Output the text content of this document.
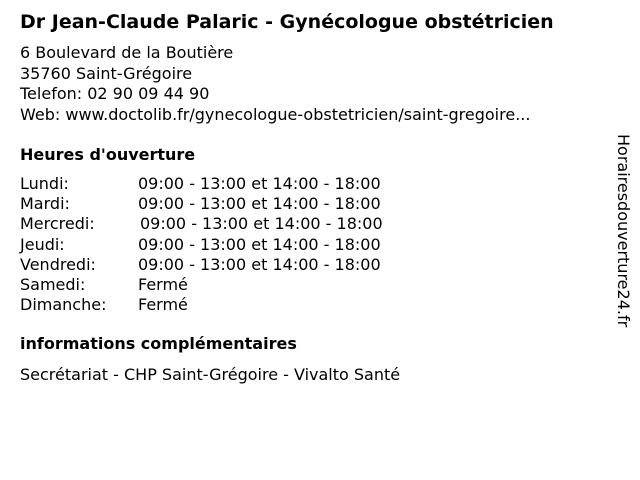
Dr Jean-Claude Palaric - Gynécologue obstétricien
6 Boulevard de la Boutière
35760 Saint-Grégoire
Telefon: 02 90 09 44 90
Web: www.doctolib.fr/gynecologue-obstetricien/saint-gregoire...
Heures d'ouverture
Lundi:	09:00 - 13:00 et 14:00 - 18:00
Mardi:	09:00 - 13:00 et 14:00 - 18:00
Mercredi:	09:00 - 13:00 et 14:00 - 18:00
Jeudi:	09:00 - 13:00 et 14:00 - 18:00
Vendredi:	09:00 - 13:00 et 14:00 - 18:00
Samedi:	Fermé
Dimanche: Fermé
informations complémentaires
Secrétariat - CHP Saint-Grégoire - Vivalto Santé
Horairesdouverture24.fr
